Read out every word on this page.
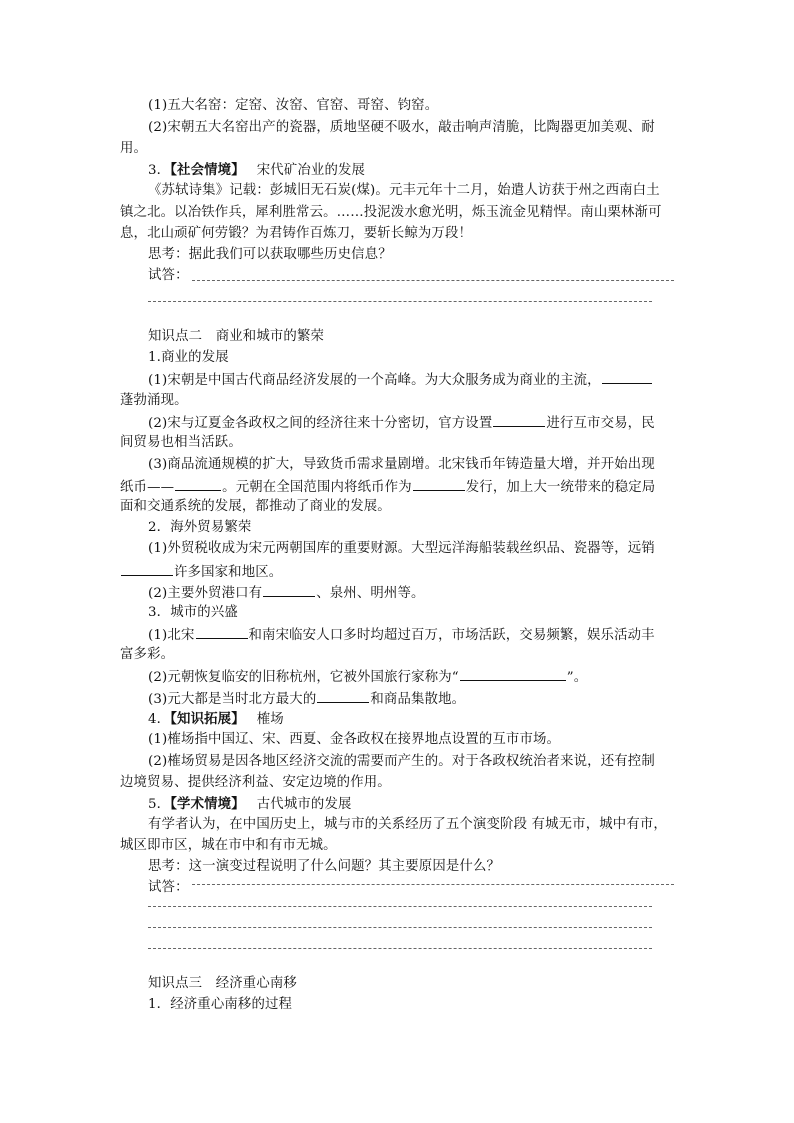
(1)五大名窑：定窑、汝窑、官窑、哥窑、钧窑。
(2)宋朝五大名窑出产的瓷器，质地坚硬不吸水，敲击响声清脆，比陶器更加美观、耐
用。
3．【社会情境】 宋代矿冶业的发展
《苏轼诗集》记载：彭城旧无石炭(煤)。元丰元年十二月，始遣人访获于州之西南白土
镇之北。以冶铁作兵，犀利胜常云。……投泥泼水愈光明，烁玉流金见精悍。南山栗林渐可
息，北山顽矿何劳锻？为君铸作百炼刀，要斩长鲸为万段！
思考：据此我们可以获取哪些历史信息？
试答：
知识点二　商业和城市的繁荣
1.商业的发展
(1)宋朝是中国古代商品经济发展的一个高峰。为大众服务成为商业的主流，
蓬勃涌现。
(2)宋与辽夏金各政权之间的经济往来十分密切，官方设置	进行互市交易，民
间贸易也相当活跃。
(3)商品流通规模的扩大，导致货币需求量剧增。北宋钱币年铸造量大增，并开始出现
纸币——	。元朝在全国范围内将纸币作为	发行，加上大一统带来的稳定局
面和交通系统的发展，都推动了商业的发展。
2．海外贸易繁荣
(1)外贸税收成为宋元两朝国库的重要财源。大型远洋海船装载丝织品、瓷器等，远销
许多国家和地区。
(2)主要外贸港口有	、泉州、明州等。
3．城市的兴盛
(1)北宋	和南宋临安人口多时均超过百万，市场活跃，交易频繁，娱乐活动丰
富多彩。
(2)元朝恢复临安的旧称杭州，它被外国旅行家称为“	”。
(3)元大都是当时北方最大的	和商品集散地。
4．【知识拓展】 榷场
(1)榷场指中国辽、宋、西夏、金各政权在接界地点设置的互市市场。
(2)榷场贸易是因各地区经济交流的需要而产生的。对于各政权统治者来说，还有控制
边境贸易、提供经济利益、安定边境的作用。
5．【学术情境】 古代城市的发展
有学者认为，在中国历史上，城与市的关系经历了五个演变阶段 有城无市，城中有市，
城区即市区，城在市中和有市无城。
思考：这一演变过程说明了什么问题？其主要原因是什么？
试答：
知识点三　经济重心南移
1．经济重心南移的过程
